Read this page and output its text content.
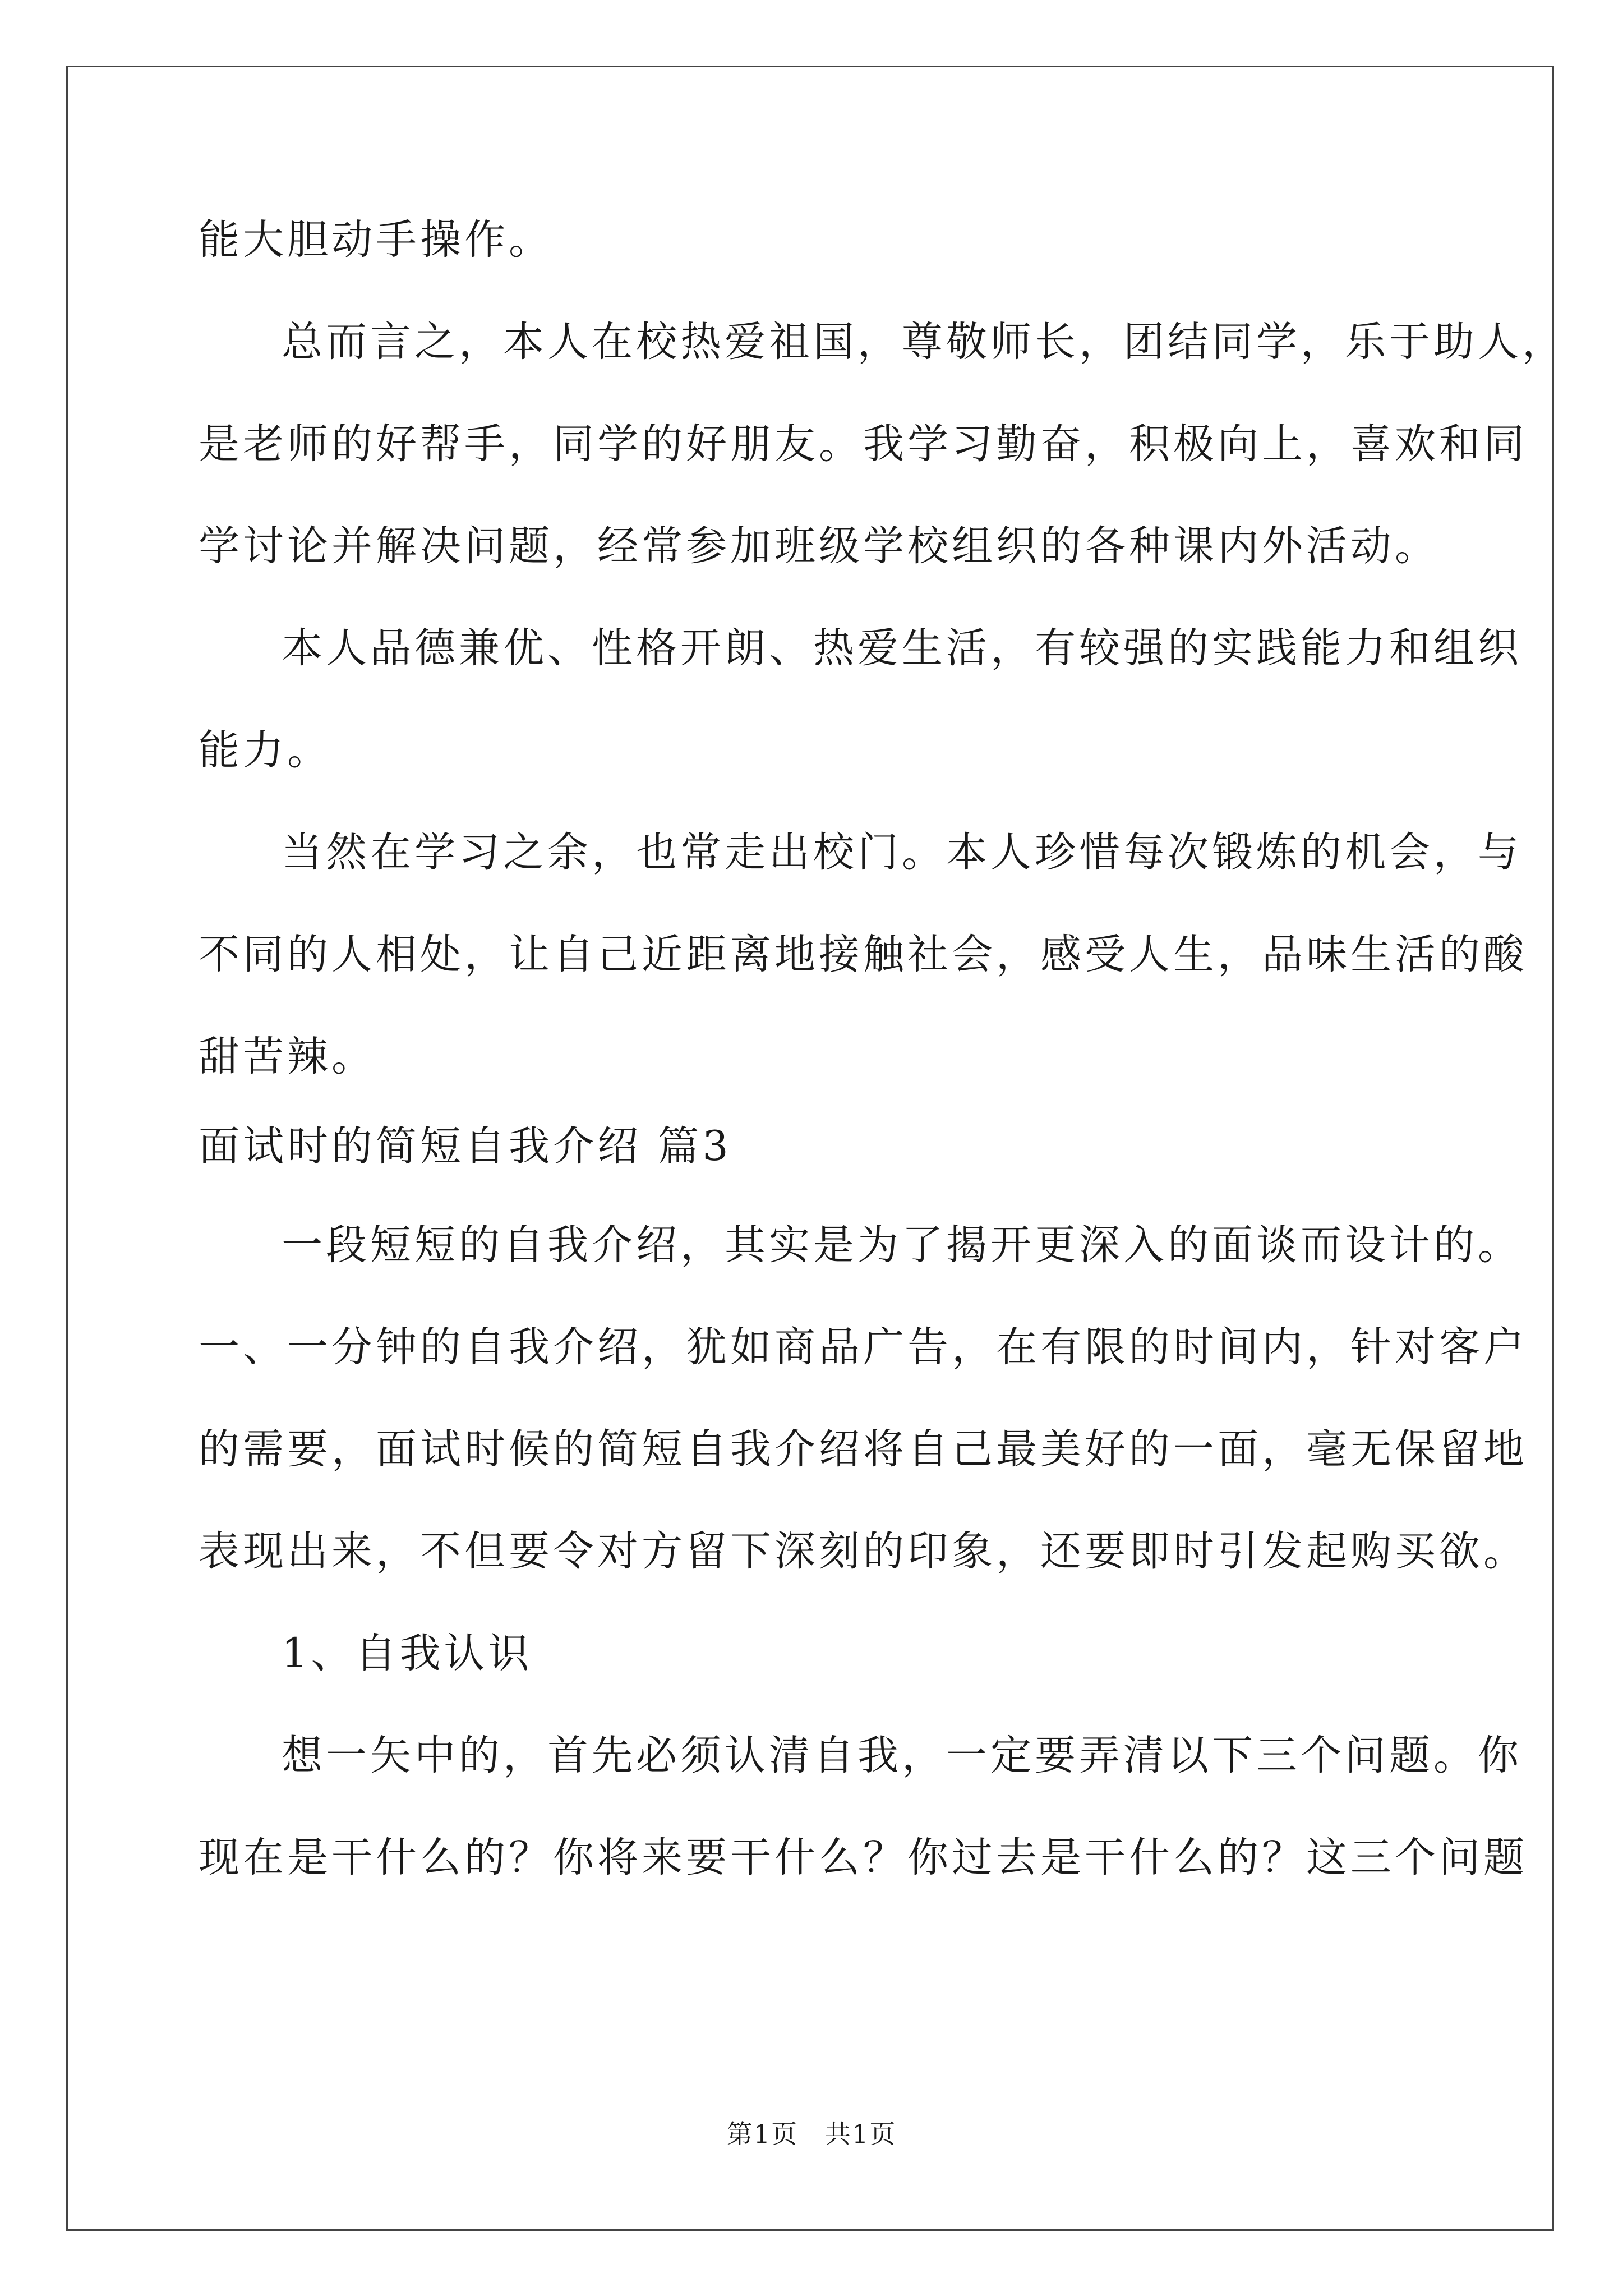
能大胆动手操作。
总而言之，本人在校热爱祖国，尊敬师长，团结同学，乐于助人，
是老师的好帮手，同学的好朋友。我学习勤奋，积极向上，喜欢和同
学讨论并解决问题，经常参加班级学校组织的各种课内外活动。
本人品德兼优、性格开朗、热爱生活，有较强的实践能力和组织
能力。
当然在学习之余，也常走出校门。本人珍惜每次锻炼的机会，与
不同的人相处，让自己近距离地接触社会，感受人生，品味生活的酸
甜苦辣。
面试时的简短自我介绍 篇3
一段短短的自我介绍，其实是为了揭开更深入的面谈而设计的。
一、一分钟的自我介绍，犹如商品广告，在有限的时间内，针对客户
的需要，面试时候的简短自我介绍将自己最美好的一面，毫无保留地
表现出来，不但要令对方留下深刻的印象，还要即时引发起购买欲。
1、自我认识
想一矢中的，首先必须认清自我，一定要弄清以下三个问题。你
现在是干什么的？你将来要干什么？你过去是干什么的？这三个问题
第1页　共1页
